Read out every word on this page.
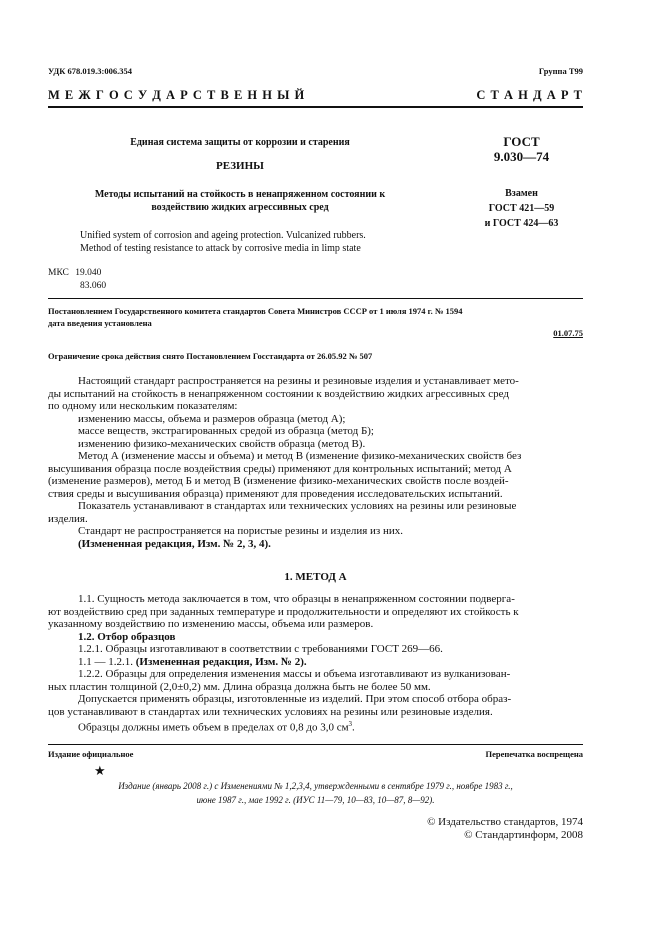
УДК 678.019.3:006.354	Группа Т99
М Е Ж Г О С У Д А Р С Т В Е Н Н Ы Й	С Т А Н Д А Р Т
Единая система защиты от коррозии и старения
РЕЗИНЫ
Методы испытаний на стойкость в ненапряженном состоянии к
воздействию жидких агрессивных сред
Unified system of corrosion and ageing protection. Vulcanized rubbers.
Method of testing resistance to attack by corrosive media in limp state
ГОСТ
9.030—74
Взамен
ГОСТ 421—59
и ГОСТ 424—63
МКС 19.040
83.060
Постановлением Государственного комитета стандартов Совета Министров СССР от 1 июля 1974 г. № 1594
дата введения установлена
01.07.75
Ограничение срока действия снято Постановлением Госстандарта от 26.05.92 № 507
Настоящий стандарт распространяется на резины и резиновые изделия и устанавливает мето-
ды испытаний на стойкость в ненапряженном состоянии к воздействию жидких агрессивных сред
по одному или нескольким показателям:
изменению массы, объема и размеров образца (метод А);
массе веществ, экстрагированных средой из образца (метод Б);
изменению физико-механических свойств образца (метод В).
Метод А (изменение массы и объема) и метод В (изменение физико-механических свойств без
высушивания образца после воздействия среды) применяют для контрольных испытаний; метод А
(изменение размеров), метод Б и метод В (изменение физико-механических свойств после воздей-
ствия среды и высушивания образца) применяют для проведения исследовательских испытаний.
Показатель устанавливают в стандартах или технических условиях на резины или резиновые
изделия.
Стандарт не распространяется на пористые резины и изделия из них.
(Измененная редакция, Изм. № 2, 3, 4).
1. МЕТОД А
1.1. Сущность метода заключается в том, что образцы в ненапряженном состоянии подверга-
ют воздействию сред при заданных температуре и продолжительности и определяют их стойкость к
указанному воздействию по изменению массы, объема или размеров.
1.2. Отбор образцов
1.2.1. Образцы изготавливают в соответствии с требованиями ГОСТ 269—66.
1.1 — 1.2.1. (Измененная редакция, Изм. № 2).
1.2.2. Образцы для определения изменения массы и объема изготавливают из вулканизован-
ных пластин толщиной (2,0±0,2) мм. Длина образца должна быть не более 50 мм.
Допускается применять образцы, изготовленные из изделий. При этом способ отбора образ-
цов устанавливают в стандартах или технических условиях на резины или резиновые изделия.
Образцы должны иметь объем в пределах от 0,8 до 3,0 $см^3$.
Издание официальное	Перепечатка воспрещена
★
Издание (январь 2008 г.) с Изменениями № 1,2,3,4, утвержденными в сентябре 1979 г., ноябре 1983 г.,
июне 1987 г., мае 1992 г. (ИУС 11—79, 10—83, 10—87, 8—92).
© Издательство стандартов, 1974
© Стандартинформ, 2008
